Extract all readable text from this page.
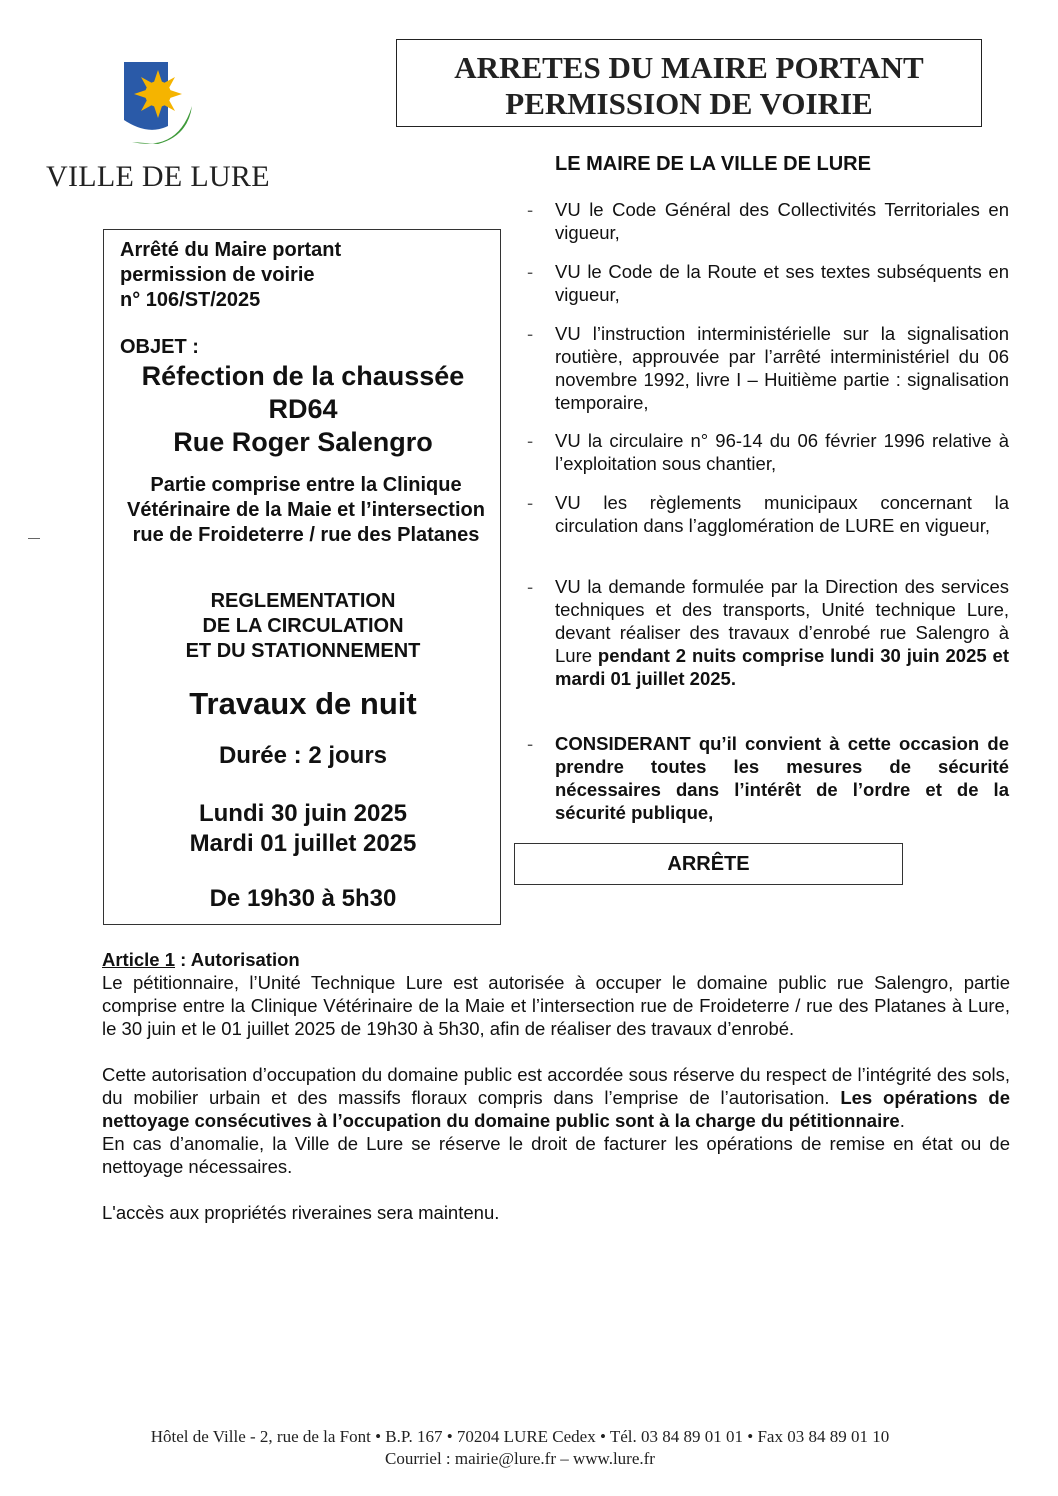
VILLE DE LURE
ARRETES DU MAIRE PORTANT
PERMISSION DE VOIRIE
Arrêté du Maire portant
permission de voirie
n° 106/ST/2025
OBJET :
Réfection de la chaussée
RD64
Rue Roger Salengro
Partie comprise entre la Clinique
Vétérinaire de la Maie et l’intersection
rue de Froideterre / rue des Platanes
REGLEMENTATION
DE LA CIRCULATION
ET DU STATIONNEMENT
Travaux de nuit
Durée : 2 jours
Lundi 30 juin 2025
Mardi 01 juillet 2025
De 19h30 à 5h30
LE MAIRE DE LA VILLE DE LURE
- VU le Code Général des Collectivités Territoriales en vigueur,
- VU le Code de la Route et ses textes subséquents en vigueur,
- VU l’instruction interministérielle sur la signalisation routière, approuvée par l’arrêté interministériel du 06 novembre 1992, livre I – Huitième partie : signalisation temporaire,
- VU la circulaire n° 96-14 du 06 février 1996 relative à l’exploitation sous chantier,
- VU les règlements municipaux concernant la circulation dans l’agglomération de LURE en vigueur,
- VU la demande formulée par la Direction des services techniques et des transports, Unité technique Lure, devant réaliser des travaux d’enrobé rue Salengro à Lure pendant 2 nuits comprise lundi 30 juin 2025 et mardi 01 juillet 2025.
- CONSIDERANT qu’il convient à cette occasion de prendre toutes les mesures de sécurité nécessaires dans l’intérêt de l’ordre et de la sécurité publique,
ARRÊTE

Article 1 : Autorisation

Le pétitionnaire, l’Unité Technique Lure est autorisée à occuper le domaine public rue Salengro, partie comprise entre la Clinique Vétérinaire de la Maie et l’intersection rue de Froideterre / rue des Platanes à Lure, le 30 juin et le 01 juillet 2025 de 19h30 à 5h30, afin de réaliser des travaux d’enrobé.

Cette autorisation d’occupation du domaine public est accordée sous réserve du respect de l’intégrité des sols, du mobilier urbain et des massifs floraux compris dans l’emprise de l’autorisation. Les opérations de nettoyage consécutives à l’occupation du domaine public sont à la charge du pétitionnaire.

En cas d’anomalie, la Ville de Lure se réserve le droit de facturer les opérations de remise en état ou de nettoyage nécessaires.

L'accès aux propriétés riveraines sera maintenu.

Hôtel de Ville - 2, rue de la Font • B.P. 167 • 70204 LURE Cedex • Tél. 03 84 89 01 01 • Fax 03 84 89 01 10
Courriel : mairie@lure.fr – www.lure.fr
